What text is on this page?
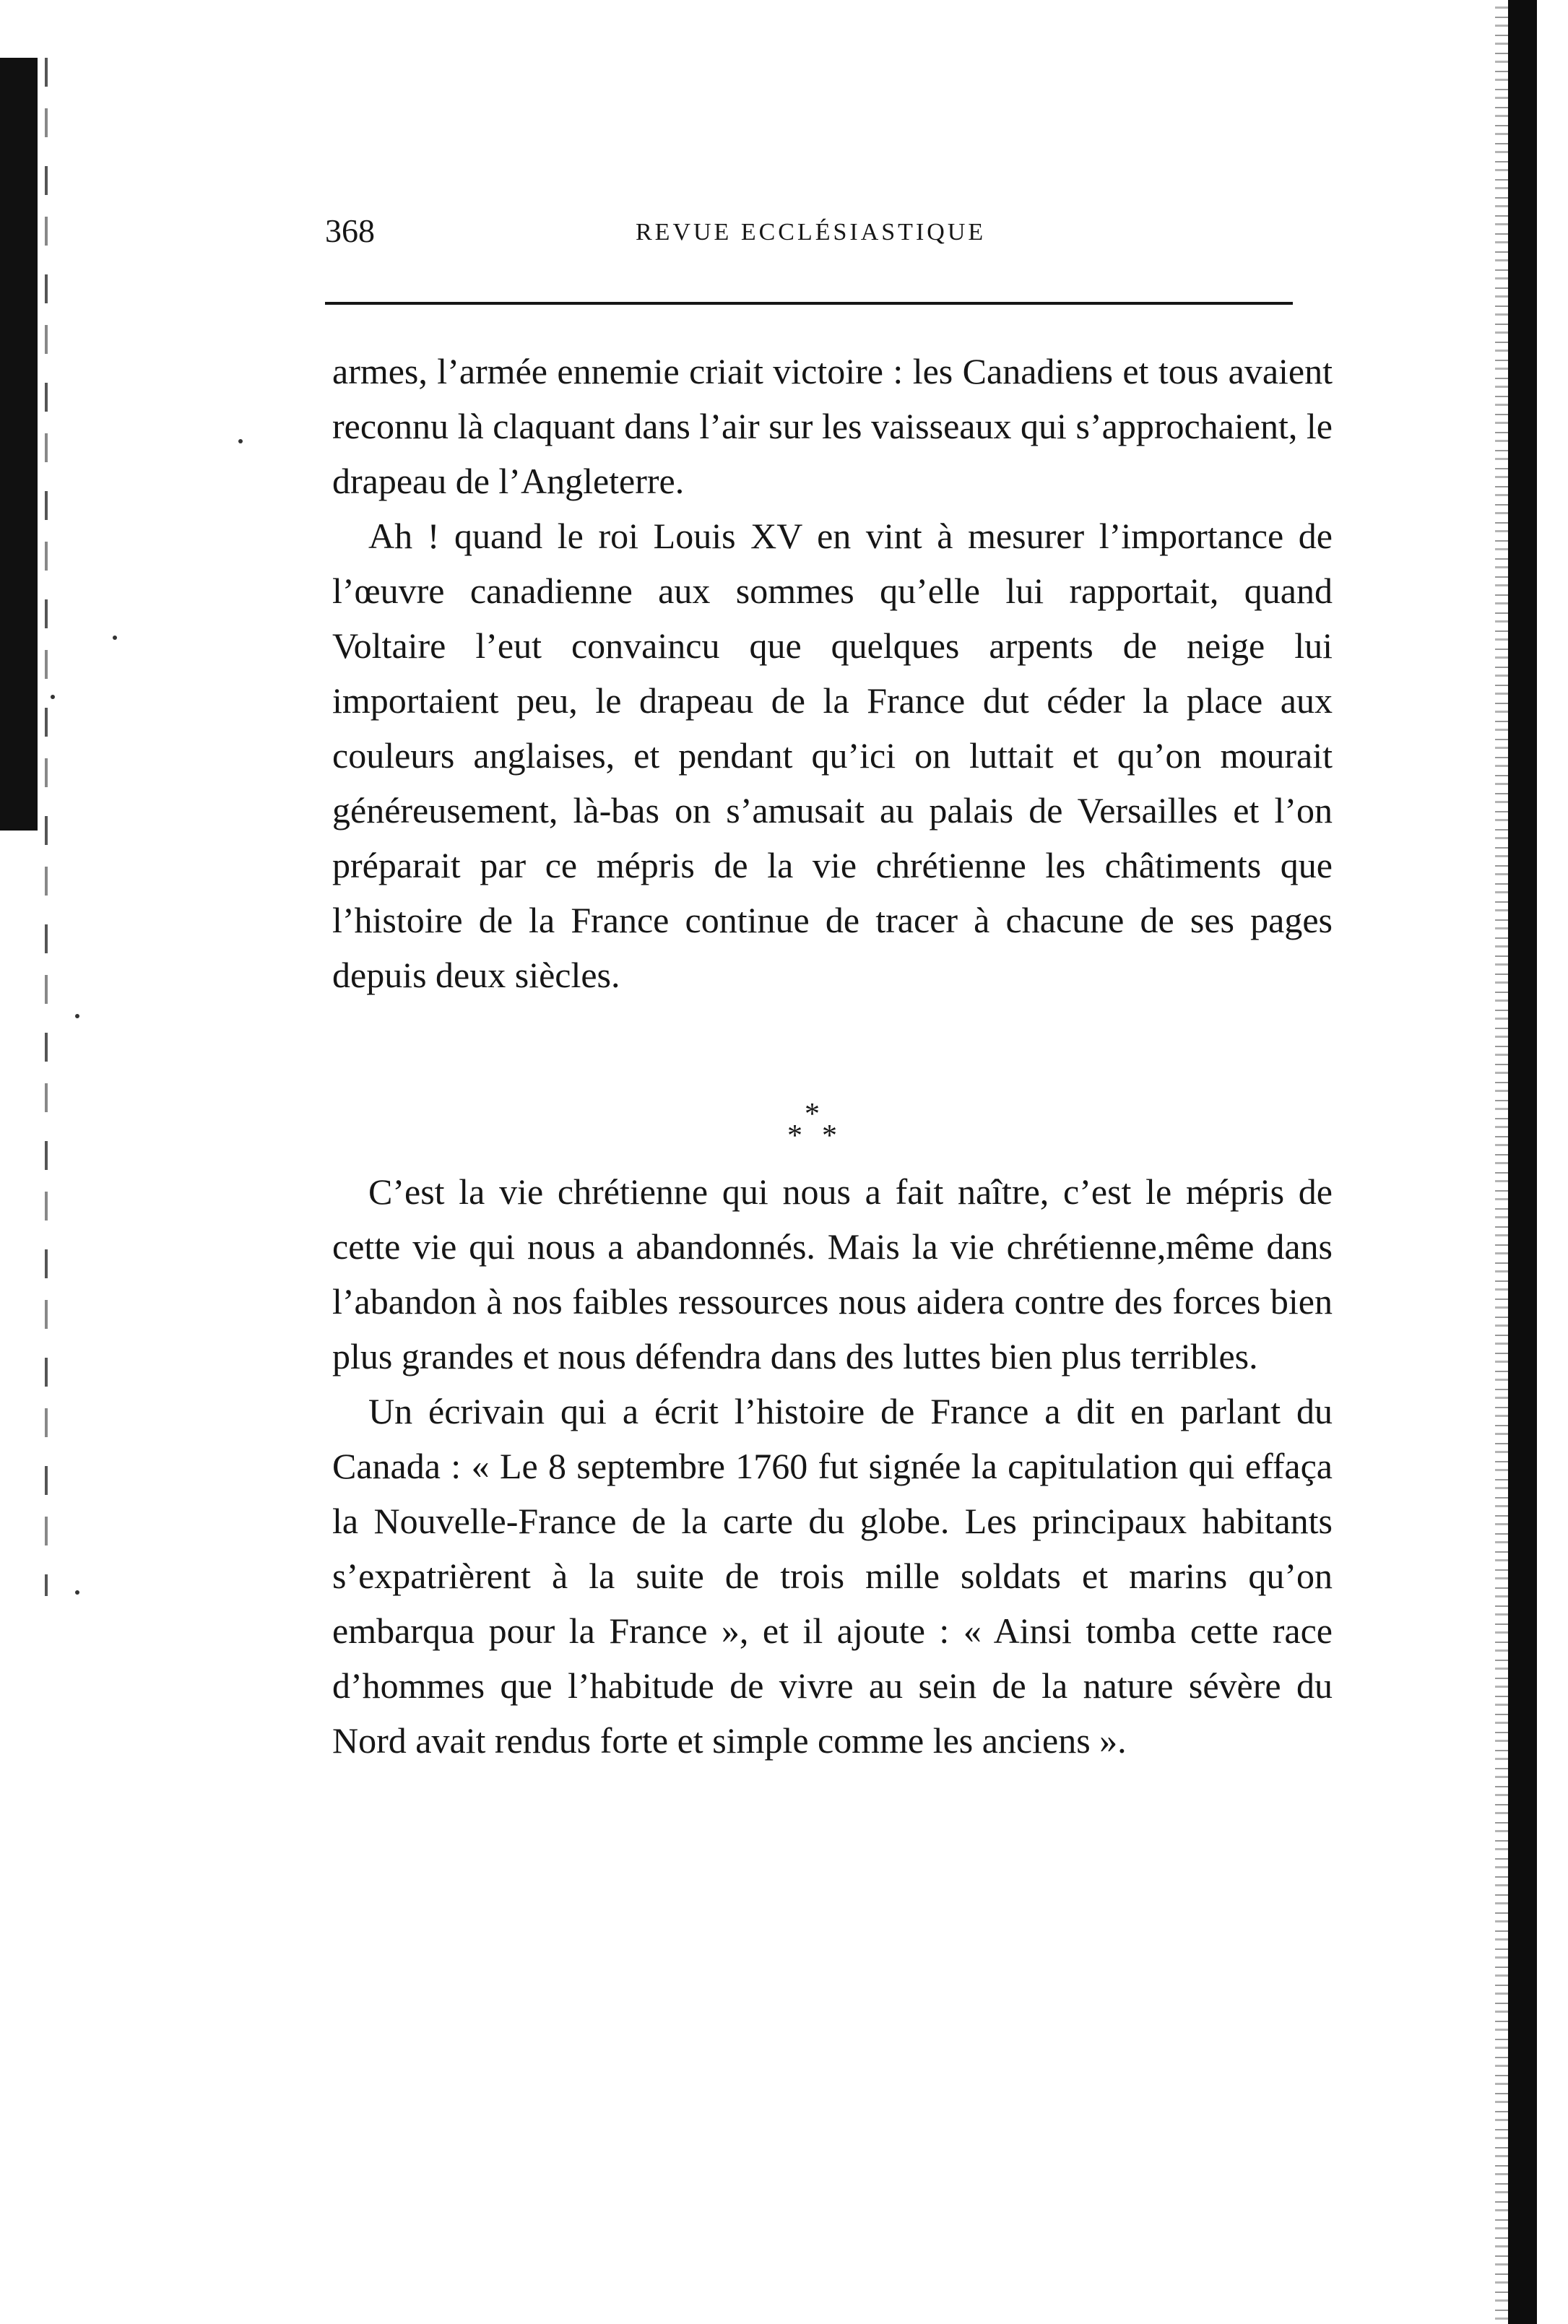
368	REVUE ECCLÉSIASTIQUE

armes, l’armée ennemie criait victoire : les Canadiens et tous avaient reconnu là claquant dans l’air sur les vaisseaux qui s’approchaient, le drapeau de l’Angleterre.

Ah ! quand le roi Louis XV en vint à mesurer l’importance de l’œuvre canadienne aux sommes qu’elle lui rapportait, quand Voltaire l’eut convaincu que quelques arpents de neige lui importaient peu, le drapeau de la France dut céder la place aux couleurs anglaises, et pendant qu’ici on luttait et qu’on mourait généreusement, là-bas on s’amusait au palais de Versailles et l’on préparait par ce mépris de la vie chrétienne les châtiments que l’histoire de la France continue de tracer à chacune de ses pages depuis deux siècles.

*
* *

C’est la vie chrétienne qui nous a fait naître, c’est le mépris de cette vie qui nous a abandonnés. Mais la vie chrétienne,même dans l’abandon à nos faibles ressources nous aidera contre des forces bien plus grandes et nous défendra dans des luttes bien plus terribles.

Un écrivain qui a écrit l’histoire de France a dit en parlant du Canada : « Le 8 septembre 1760 fut signée la capitulation qui effaça la Nouvelle-France de la carte du globe. Les principaux habitants s’expatrièrent à la suite de trois mille soldats et marins qu’on embarqua pour la France », et il ajoute : « Ainsi tomba cette race d’hommes que l’habitude de vivre au sein de la nature sévère du Nord avait rendus forte et simple comme les anciens ».
